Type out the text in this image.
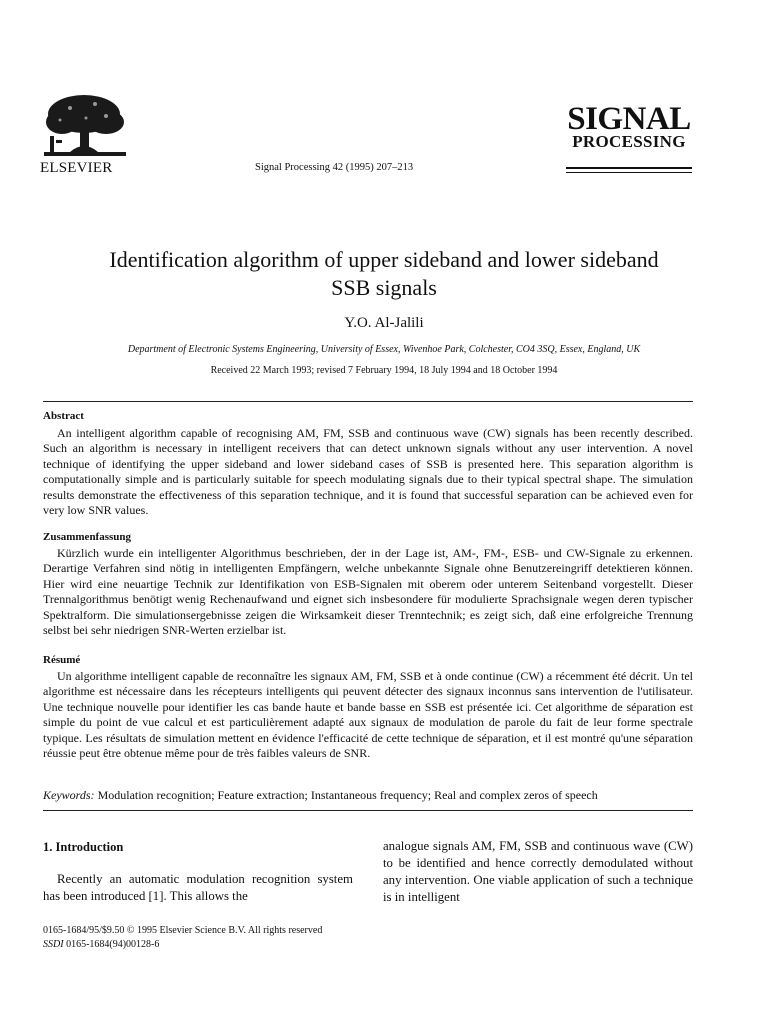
ELSEVIER	Signal Processing 42 (1995) 207–213
SIGNAL
PROCESSING
Identification algorithm of upper sideband and lower sideband
SSB signals
Y.O. Al-Jalili
Department of Electronic Systems Engineering, University of Essex, Wivenhoe Park, Colchester, CO4 3SQ, Essex, England, UK
Received 22 March 1993; revised 7 February 1994, 18 July 1994 and 18 October 1994
Abstract
An intelligent algorithm capable of recognising AM, FM, SSB and continuous wave (CW) signals has been recently described. Such an algorithm is necessary in intelligent receivers that can detect unknown signals without any user intervention. A novel technique of identifying the upper sideband and lower sideband cases of SSB is presented here. This separation algorithm is computationally simple and is particularly suitable for speech modulating signals due to their typical spectral shape. The simulation results demonstrate the effectiveness of this separation technique, and it is found that successful separation can be achieved even for very low SNR values.
Zusammenfassung
Kürzlich wurde ein intelligenter Algorithmus beschrieben, der in der Lage ist, AM-, FM-, ESB- und CW-Signale zu erkennen. Derartige Verfahren sind nötig in intelligenten Empfängern, welche unbekannte Signale ohne Benutzereingriff detektieren können. Hier wird eine neuartige Technik zur Identifikation von ESB-Signalen mit oberem oder unterem Seitenband vorgestellt. Dieser Trennalgorithmus benötigt wenig Rechenaufwand und eignet sich insbesondere für modulierte Sprachsignale wegen deren typischer Spektralform. Die simulationsergebnisse zeigen die Wirksamkeit dieser Trenntechnik; es zeigt sich, daß eine erfolgreiche Trennung selbst bei sehr niedrigen SNR-Werten erzielbar ist.
Résumé
Un algorithme intelligent capable de reconnaître les signaux AM, FM, SSB et à onde continue (CW) a récemment été décrit. Un tel algorithme est nécessaire dans les récepteurs intelligents qui peuvent détecter des signaux inconnus sans intervention de l'utilisateur. Une technique nouvelle pour identifier les cas bande haute et bande basse en SSB est présentée ici. Cet algorithme de séparation est simple du point de vue calcul et est particulièrement adapté aux signaux de modulation de parole du fait de leur forme spectrale typique. Les résultats de simulation mettent en évidence l'efficacité de cette technique de séparation, et il est montré qu'une séparation réussie peut être obtenue même pour de très faibles valeurs de SNR.
Keywords: Modulation recognition; Feature extraction; Instantaneous frequency; Real and complex zeros of speech
1. Introduction
Recently an automatic modulation recognition system has been introduced [1]. This allows the
analogue signals AM, FM, SSB and continuous wave (CW) to be identified and hence correctly demodulated without any intervention. One viable application of such a technique is in intelligent
0165-1684/95/$9.50 © 1995 Elsevier Science B.V. All rights reserved
SSDI 0165-1684(94)00128-6
